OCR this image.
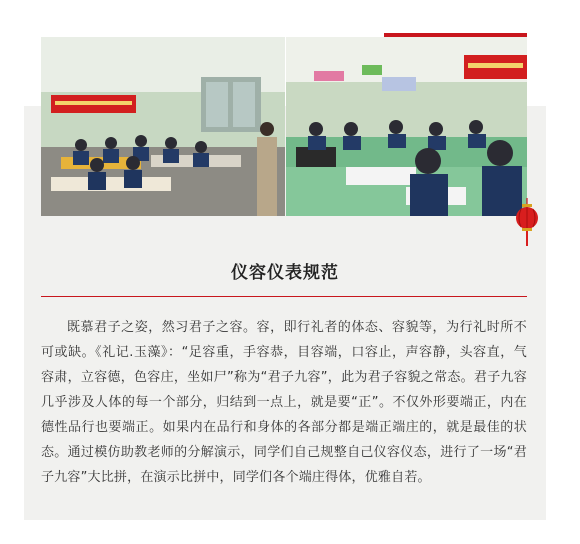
仪容仪表规范

既慕君子之姿，然习君子之容。容，即行礼者的体态、容貌等，为行礼时所不可或缺。《礼记.玉藻》：“足容重，手容恭，目容端，口容止，声容静，头容直，气容肃，立容德，色容庄，坐如尸”称为“君子九容”，此为君子容貌之常态。君子九容几乎涉及人体的每一个部分，归结到一点上，就是要“正”。不仅外形要端正，内在德性品行也要端正。如果内在品行和身体的各部分都是端正端庄的，就是最佳的状态。通过模仿助教老师的分解演示，同学们自己规整自己仪容仪态，进行了一场“君子九容”大比拼，在演示比拼中，同学们各个端庄得体，优雅自若。
